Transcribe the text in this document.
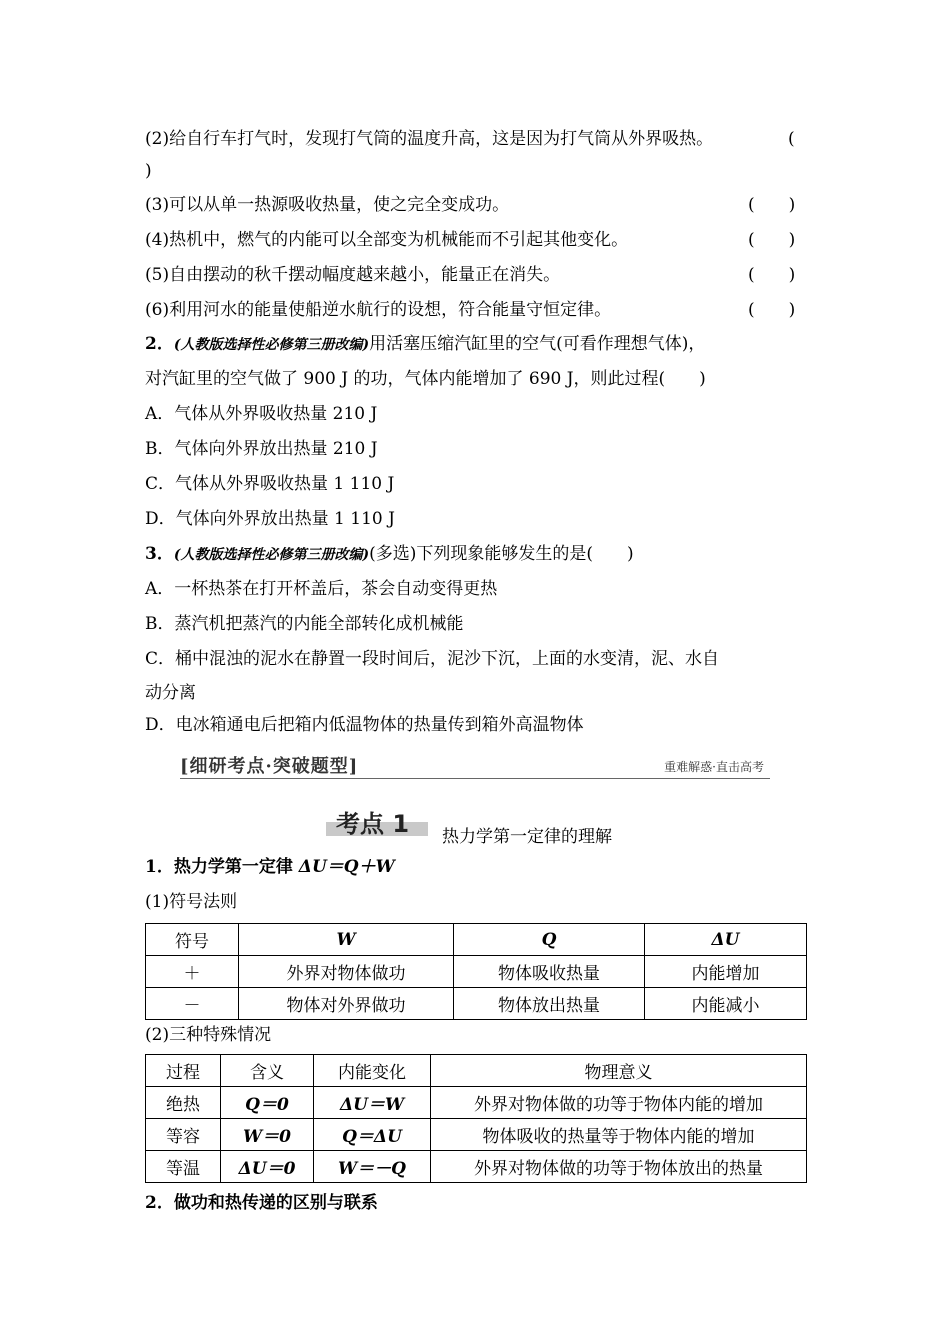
(2)给自行车打气时，发现打气筒的温度升高，这是因为打气筒从外界吸热。	(
)
(3)可以从单一热源吸收热量，使之完全变成功。	(　　)
(4)热机中，燃气的内能可以全部变为机械能而不引起其他变化。	(　　)
(5)自由摆动的秋千摆动幅度越来越小，能量正在消失。	(　　)
(6)利用河水的能量使船逆水航行的设想，符合能量守恒定律。	(　　)
2．(人教版选择性必修第三册改编)用活塞压缩汽缸里的空气(可看作理想气体)，
对汽缸里的空气做了 900 J 的功，气体内能增加了 690 J，则此过程(　　)
A．气体从外界吸收热量 210 J
B．气体向外界放出热量 210 J
C．气体从外界吸收热量 1 110 J
D．气体向外界放出热量 1 110 J
3．(人教版选择性必修第三册改编)(多选)下列现象能够发生的是(　　)
A．一杯热茶在打开杯盖后，茶会自动变得更热
B．蒸汽机把蒸汽的内能全部转化成机械能
C．桶中混浊的泥水在静置一段时间后，泥沙下沉，上面的水变清，泥、水自
动分离
D．电冰箱通电后把箱内低温物体的热量传到箱外高温物体
[细研考点·突破题型]	重难解惑·直击高考
考点 1 热力学第一定律的理解
1．热力学第一定律 ΔU＝Q＋W
(1)符号法则
符号	W	Q	ΔU
＋	外界对物体做功	物体吸收热量	内能增加
－	物体对外界做功	物体放出热量	内能减小
(2)三种特殊情况
过程	含义	内能变化	物理意义
绝热	Q＝0	ΔU＝W	外界对物体做的功等于物体内能的增加
等容	W＝0	Q＝ΔU	物体吸收的热量等于物体内能的增加
等温	ΔU＝0	W＝－Q	外界对物体做的功等于物体放出的热量
2．做功和热传递的区别与联系
